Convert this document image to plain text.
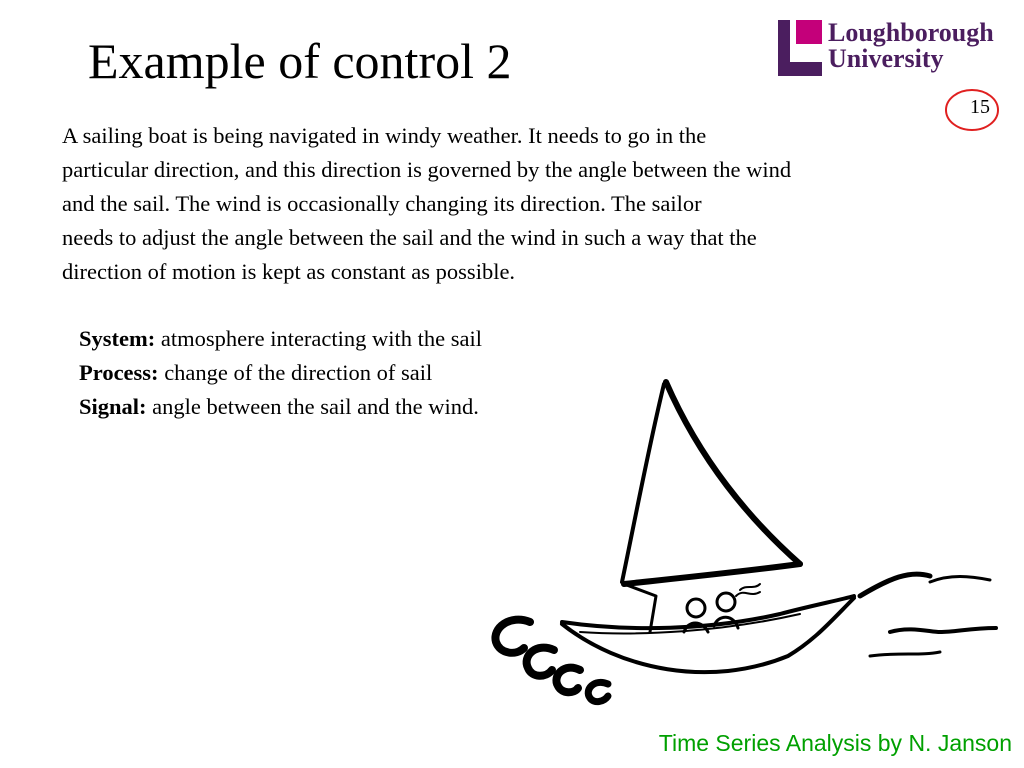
Example of control 2
Loughborough
University
15
A sailing boat is being navigated in windy weather. It needs to go in the
particular direction, and this direction is governed by the angle between the wind
and the sail. The wind is occasionally changing its direction. The sailor
needs to adjust the angle between the sail and the wind in such a way that the
direction of motion is kept as constant as possible.
System: atmosphere interacting with the sail
Process: change of the direction of sail
Signal: angle between the sail and the wind.
Time Series Analysis by N. Janson
